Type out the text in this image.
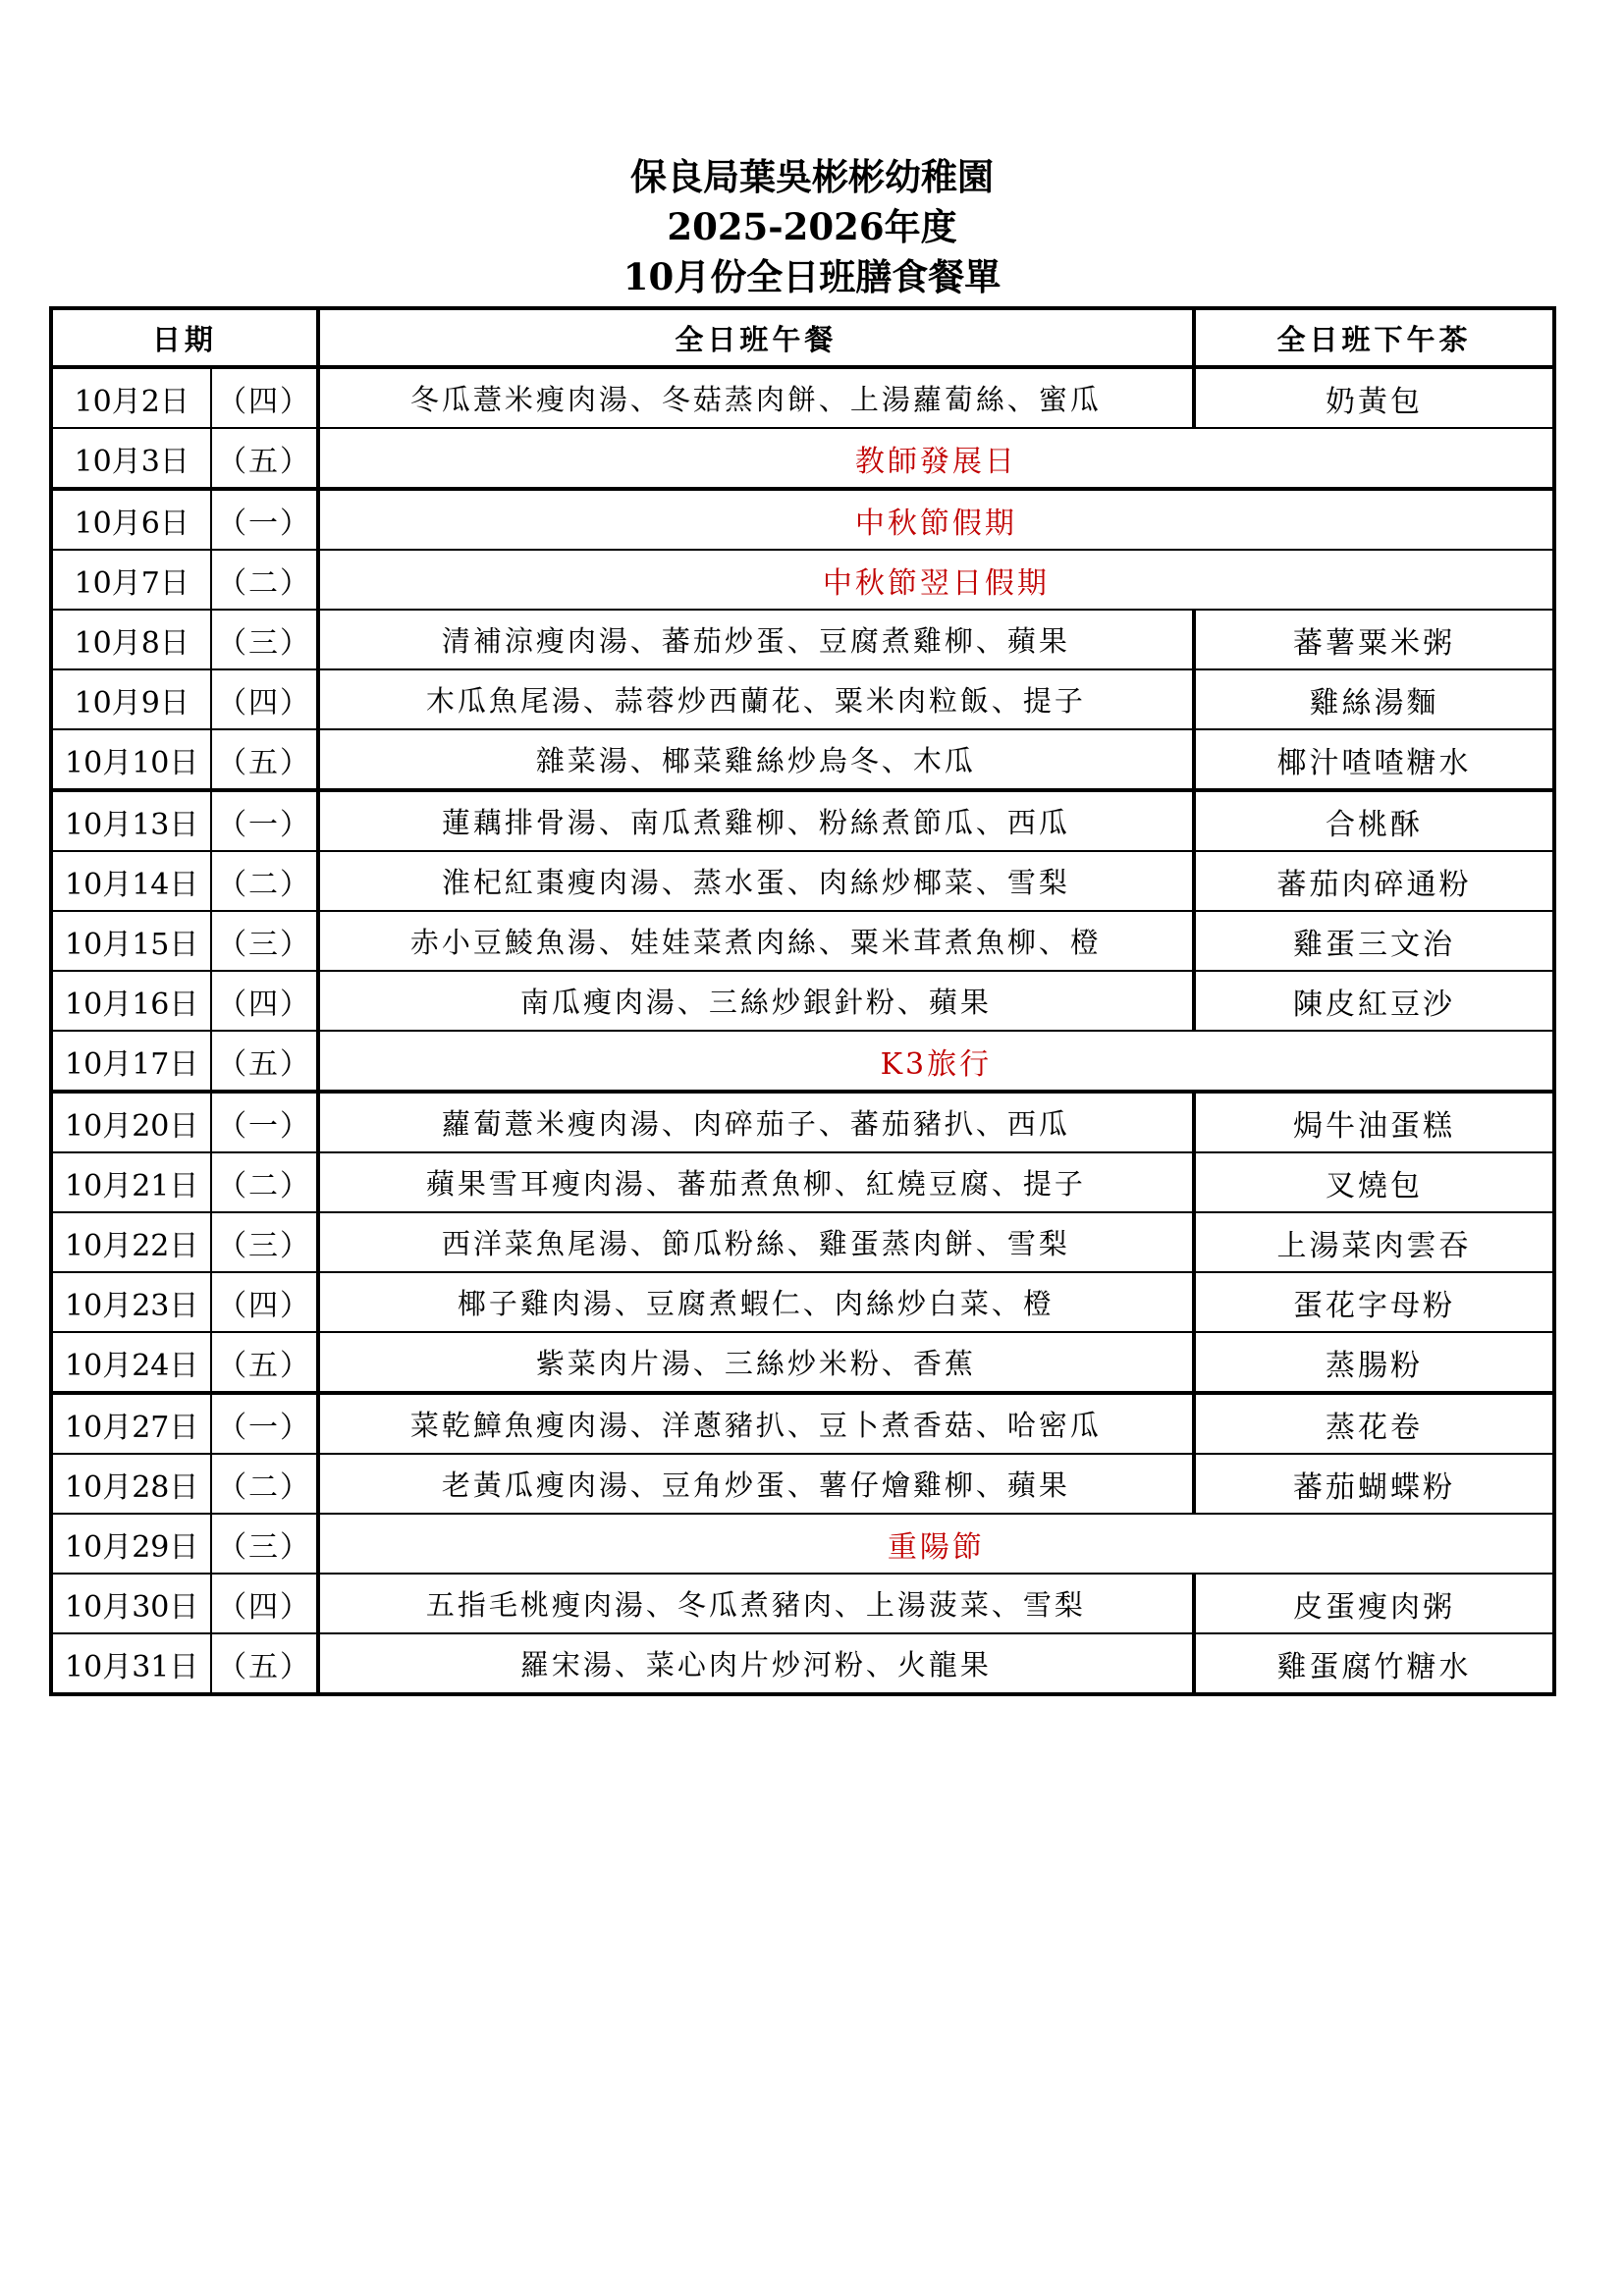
保良局葉吳彬彬幼稚園
2025-2026年度
10月份全日班膳食餐單
日期		全日班午餐	全日班下午茶
10月2日	（四）	冬瓜薏米瘦肉湯、冬菇蒸肉餅、上湯蘿蔔絲、蜜瓜	奶黃包
10月3日	（五）	教師發展日	
10月6日	（一）	中秋節假期	
10月7日	（二）	中秋節翌日假期	
10月8日	（三）	清補涼瘦肉湯、蕃茄炒蛋、豆腐煮雞柳、蘋果	蕃薯粟米粥
10月9日	（四）	木瓜魚尾湯、蒜蓉炒西蘭花、粟米肉粒飯、提子	雞絲湯麵
10月10日	（五）	雜菜湯、椰菜雞絲炒烏冬、木瓜	椰汁喳喳糖水
10月13日	（一）	蓮藕排骨湯、南瓜煮雞柳、粉絲煮節瓜、西瓜	合桃酥
10月14日	（二）	淮杞紅棗瘦肉湯、蒸水蛋、肉絲炒椰菜、雪梨	蕃茄肉碎通粉
10月15日	（三）	赤小豆鯪魚湯、娃娃菜煮肉絲、粟米茸煮魚柳、橙	雞蛋三文治
10月16日	（四）	南瓜瘦肉湯、三絲炒銀針粉、蘋果	陳皮紅豆沙
10月17日	（五）	K3旅行	
10月20日	（一）	蘿蔔薏米瘦肉湯、肉碎茄子、蕃茄豬扒、西瓜	焗牛油蛋糕
10月21日	（二）	蘋果雪耳瘦肉湯、蕃茄煮魚柳、紅燒豆腐、提子	叉燒包
10月22日	（三）	西洋菜魚尾湯、節瓜粉絲、雞蛋蒸肉餅、雪梨	上湯菜肉雲吞
10月23日	（四）	椰子雞肉湯、豆腐煮蝦仁、肉絲炒白菜、橙	蛋花字母粉
10月24日	（五）	紫菜肉片湯、三絲炒米粉、香蕉	蒸腸粉
10月27日	（一）	菜乾鱆魚瘦肉湯、洋蔥豬扒、豆卜煮香菇、哈密瓜	蒸花卷
10月28日	（二）	老黃瓜瘦肉湯、豆角炒蛋、薯仔燴雞柳、蘋果	蕃茄蝴蝶粉
10月29日	（三）	重陽節	
10月30日	（四）	五指毛桃瘦肉湯、冬瓜煮豬肉、上湯菠菜、雪梨	皮蛋瘦肉粥
10月31日	（五）	羅宋湯、菜心肉片炒河粉、火龍果	雞蛋腐竹糖水
